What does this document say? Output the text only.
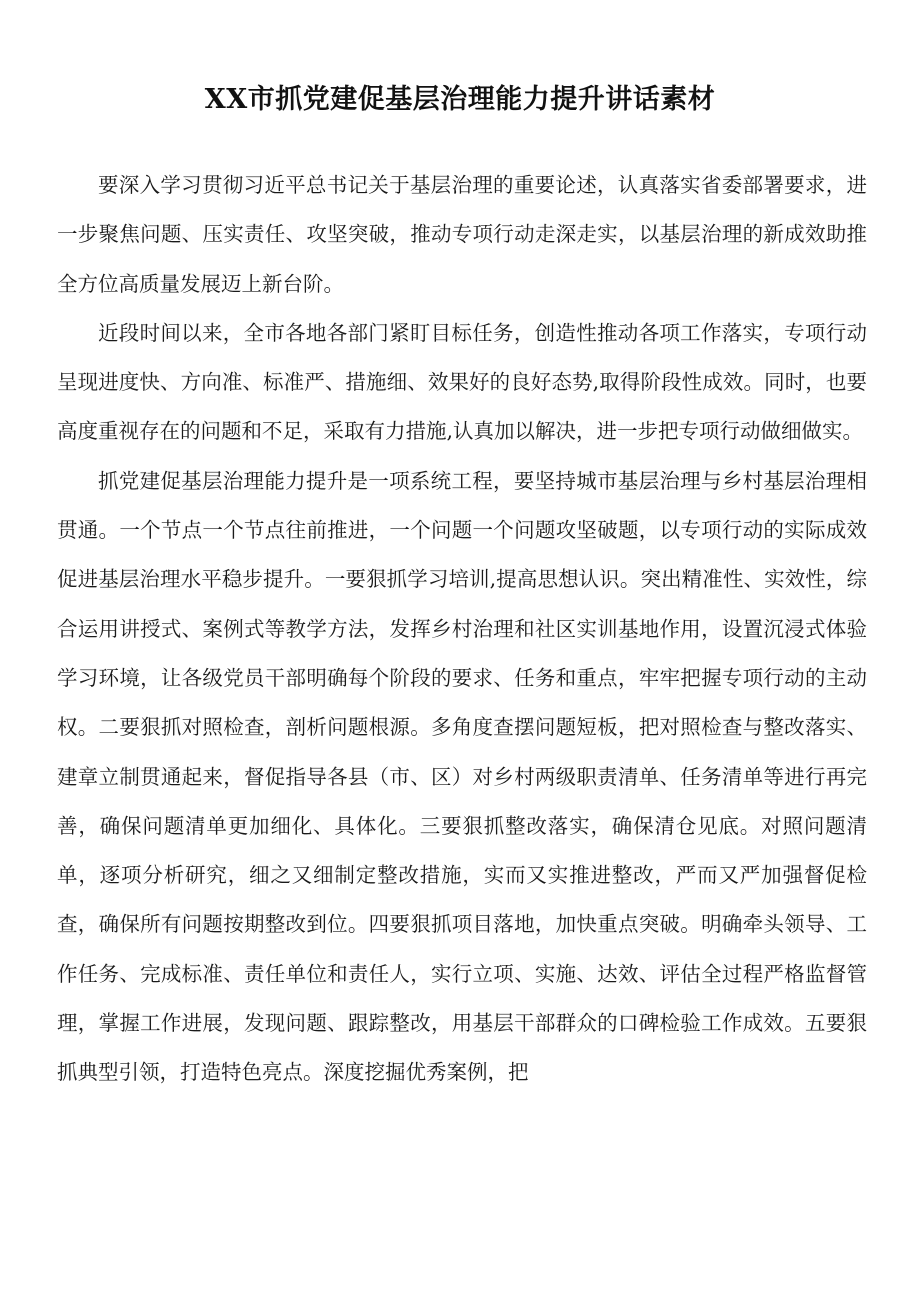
XX市抓党建促基层治理能力提升讲话素材

要深入学习贯彻习近平总书记关于基层治理的重要论述，认真落实省委部署要求，进一步聚焦问题、压实责任、攻坚突破，推动专项行动走深走实，以基层治理的新成效助推全方位高质量发展迈上新台阶。

近段时间以来，全市各地各部门紧盯目标任务，创造性推动各项工作落实，专项行动呈现进度快、方向准、标准严、措施细、效果好的良好态势,取得阶段性成效。同时，也要高度重视存在的问题和不足，采取有力措施,认真加以解决，进一步把专项行动做细做实。

抓党建促基层治理能力提升是一项系统工程，要坚持城市基层治理与乡村基层治理相贯通。一个节点一个节点往前推进，一个问题一个问题攻坚破题，以专项行动的实际成效促进基层治理水平稳步提升。一要狠抓学习培训,提高思想认识。突出精准性、实效性，综合运用讲授式、案例式等教学方法，发挥乡村治理和社区实训基地作用，设置沉浸式体验学习环境，让各级党员干部明确每个阶段的要求、任务和重点，牢牢把握专项行动的主动权。二要狠抓对照检查，剖析问题根源。多角度查摆问题短板，把对照检查与整改落实、建章立制贯通起来，督促指导各县（市、区）对乡村两级职责清单、任务清单等进行再完善，确保问题清单更加细化、具体化。三要狠抓整改落实，确保清仓见底。对照问题清单，逐项分析研究，细之又细制定整改措施，实而又实推进整改，严而又严加强督促检查，确保所有问题按期整改到位。四要狠抓项目落地，加快重点突破。明确牵头领导、工作任务、完成标准、责任单位和责任人，实行立项、实施、达效、评估全过程严格监督管理，掌握工作进展，发现问题、跟踪整改，用基层干部群众的口碑检验工作成效。五要狠抓典型引领，打造特色亮点。深度挖掘优秀案例，把
